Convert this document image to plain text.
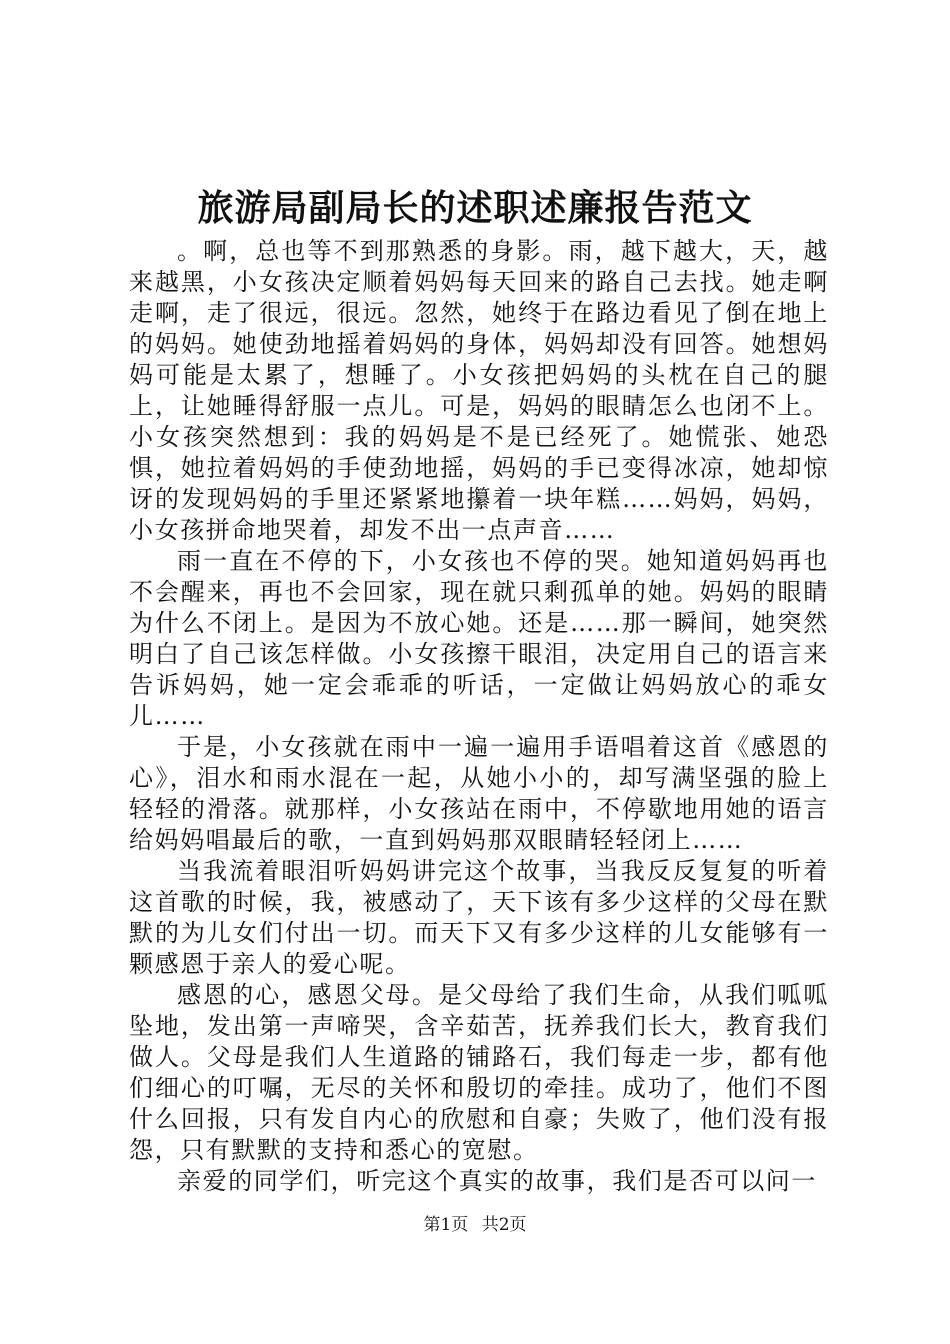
旅游局副局长的述职述廉报告范文

。啊，总也等不到那熟悉的身影。雨，越下越大，天，越来越黑，小女孩决定顺着妈妈每天回来的路自己去找。她走啊走啊，走了很远，很远。忽然，她终于在路边看见了倒在地上的妈妈。她使劲地摇着妈妈的身体，妈妈却没有回答。她想妈妈可能是太累了，想睡了。小女孩把妈妈的头枕在自己的腿上，让她睡得舒服一点儿。可是，妈妈的眼睛怎么也闭不上。小女孩突然想到：我的妈妈是不是已经死了。她慌张、她恐惧，她拉着妈妈的手使劲地摇，妈妈的手已变得冰凉，她却惊讶的发现妈妈的手里还紧紧地攥着一块年糕……妈妈，妈妈，小女孩拼命地哭着，却发不出一点声音……

雨一直在不停的下，小女孩也不停的哭。她知道妈妈再也不会醒来，再也不会回家，现在就只剩孤单的她。妈妈的眼睛为什么不闭上。是因为不放心她。还是……那一瞬间，她突然明白了自己该怎样做。小女孩擦干眼泪，决定用自己的语言来告诉妈妈，她一定会乖乖的听话，一定做让妈妈放心的乖女儿……

于是，小女孩就在雨中一遍一遍用手语唱着这首《感恩的心》，泪水和雨水混在一起，从她小小的，却写满坚强的脸上轻轻的滑落。就那样，小女孩站在雨中，不停歇地用她的语言给妈妈唱最后的歌，一直到妈妈那双眼睛轻轻闭上……

当我流着眼泪听妈妈讲完这个故事，当我反反复复的听着这首歌的时候，我，被感动了，天下该有多少这样的父母在默默的为儿女们付出一切。而天下又有多少这样的儿女能够有一颗感恩于亲人的爱心呢。

感恩的心，感恩父母。是父母给了我们生命，从我们呱呱坠地，发出第一声啼哭，含辛茹苦，抚养我们长大，教育我们做人。父母是我们人生道路的铺路石，我们每走一步，都有他们细心的叮嘱，无尽的关怀和殷切的牵挂。成功了，他们不图什么回报，只有发自内心的欣慰和自豪；失败了，他们没有报怨，只有默默的支持和悉心的宽慰。

亲爱的同学们，听完这个真实的故事，我们是否可以问一

第1页 共2页
